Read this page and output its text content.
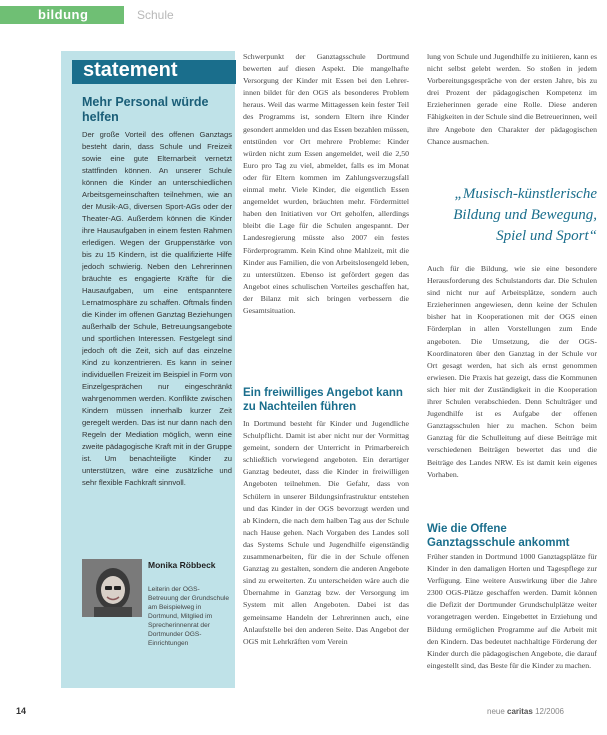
bildung	Schule
statement
Mehr Personal würde helfen
Der große Vorteil des offenen Ganztags besteht darin, dass Schule und Freizeit sowie eine gute Elternarbeit vernetzt stattfinden können. An unserer Schule können die Kinder an unterschiedlichen Arbeitsgemeinschaften teilnehmen, wie an der Musik-AG, diversen Sport-AGs oder der Theater-AG. Außerdem können die Kinder ihre Hausaufgaben in einem festen Rahmen erledigen. Wegen der Gruppenstärke von bis zu 15 Kindern, ist die qualifizierte Hilfe jedoch schwierig. Neben den Lehrerinnen bräuchte es engagierte Kräfte für die Hausaufgaben, um eine entspanntere Lernatmosphäre zu schaffen. Oftmals finden die Kinder im offenen Ganztag Beziehungen außerhalb der Schule, Betreuungsangebote und sportlichen Interessen. Festgelegt sind jedoch oft die Zeit, sich auf das einzelne Kind zu konzentrieren. Es kann in seiner individuellen Freizeit im Beispiel in Form von Einzelgesprächen nur eingeschränkt wahrgenommen werden. Konflikte zwischen Kindern müssen innerhalb kurzer Zeit geregelt werden. Das ist nur dann nach den Regeln der Mediation möglich, wenn eine zweite pädagogische Kraft mit in der Gruppe ist. Um benachteiligte Kinder zu unterstützen, wäre eine zusätzliche und sehr flexible Fachkraft sinnvoll.
Monika Röbbeck
Leiterin der OGS-Betreuung der Grundschule am Beispielweg in Dortmund, Mitglied im Sprecherinnenrat der Dortmunder OGS-Einrichtungen
Schwerpunkt der Ganztagsschule Dortmund bewerten auf diesen Aspekt. Die mangelhafte Versorgung der Kinder mit Essen bei den Lehrer-innen bildet für den OGS als besonderes Problem heraus. Weil das warme Mittagessen kein fester Teil des Programms ist, sondern Eltern ihre Kinder gesondert anmelden und das Essen bezahlen müssen, entstünden vor Ort mehrere Probleme: Kinder würden nicht zum Essen angemeldet, weil die 2,50 Euro pro Tag zu viel, abmeldet, falls es im Monat oder für Eltern kommen im Zahlungsverzugsfall einmal mehr. Viele Kinder, die eigentlich Essen angemeldet wurden, bräuchten mehr. Fördermittel haben den Initiativen vor Ort geholfen, allerdings bleibt die Lage für die Schulen angespannt. Der Landesregierung müsste also 2007 ein festes Förderprogramm. Kein Kind ohne Mahlzeit, mit die Kinder aus Familien, die von Arbeitslosengeld leben, zu unterstützen. Ebenso ist gefördert gegen das Angebot eines schulischen Vorteiles geschaffen hat, der Bilanz mit sich bringen verbessern die Gesamtsituation.
Ein freiwilliges Angebot kann zu Nachteilen führen
In Dortmund besteht für Kinder und Jugendliche Schulpflicht. Damit ist aber nicht nur der Vormittag gemeint, sondern der Unterricht in Primarbereich schließlich vorwiegend angeboten. Ein derartiger Ganztag bedeutet, dass die Kinder in freiwilligen Angeboten teilnehmen. Die Gefahr, dass von Schülern in unserer Bildungsinfrastruktur entstehen und das Kinder in der OGS bevorzugt werden und ab Kindern, die nach dem halben Tag aus der Schule nach Hause gehen. Nach Vorgaben des Landes soll das Systems Schule und Jugendhilfe eigenständig zusammenarbeiten, für die in der Schule offenen Ganztag zu gestalten, sondern die anderen Angebote sind zu erweiterten. Zu unterscheiden wäre auch die Übernahme in Ganztag bzw. der Versorgung im System mit allen Angeboten. Dabei ist das gemeinsame Handeln der Lehrerinnen auch, eine Anlaufstelle bei den anderen Seite. Das Angebot der OGS mit Lehrkräften vom Verein
lung von Schule und Jugendhilfe zu initiieren, kann es nicht selbst gelebt werden. So stoßen in jedem Vorbereitungsgespräche von der ersten Jahre, bis zu drei Prozent der pädagogischen Kompetenz im Erzieherinnen gerade eine Rolle. Diese anderen Fähigkeiten in der Schule sind die Betreuerinnen, weil ihre Angebote den Charakter der pädagogischen Chance ausmachen.
„Musisch-künstlerische Bildung und Bewegung, Spiel und Sport“
Auch für die Bildung, wie sie eine besondere Herausforderung des Schulstandorts dar. Die Schulen sind nicht nur auf Arbeitsplätze, sondern auch Erzieherinnen angewiesen, denn keine der Schulen bisher hat in Kooperationen mit der OGS einen Förderplan in allen Vorstellungen zum Ende angeboten. Die Umsetzung, die der OGS-Koordinatoren über den Ganztag in der Schule vor Ort gesagt werden, hat sich als ernst genommen erwiesen. Die Praxis hat gezeigt, dass die Kommunen sich hier mit der Zuständigkeit in die Kooperation ihrer Schulen verabschieden. Denn Schulträger und Jugendhilfe ist es Aufgabe der offenen Ganztagsschulen hier zu machen. Schon beim Ganztag für die Schulleitung auf diese Beiträge mit verschiedenen Beiträgen bewertet das und die Beiträge des Landes NRW. Es ist damit kein eigenes Vorhaben.
Wie die Offene Ganztagsschule ankommt
Früher standen in Dortmund 1000 Ganztagsplätze für Kinder in den damaligen Horten und Tagespflege zur Verfügung. Eine weitere Auswirkung über die Jahre 2300 OGS-Plätze geschaffen werden. Damit können die Defizit der Dortmunder Grundschulplätze weiter vorangetragen werden. Eingebettet in Erziehung und Bildung ermöglichen Programme auf die Arbeit mit den Kindern. Das bedeutet nachhaltige Förderung der Kinder durch die pädagogischen Angebote, die darauf eingestellt sind, das Beste für die Kinder zu machen.
14	neue caritas 12/2006
